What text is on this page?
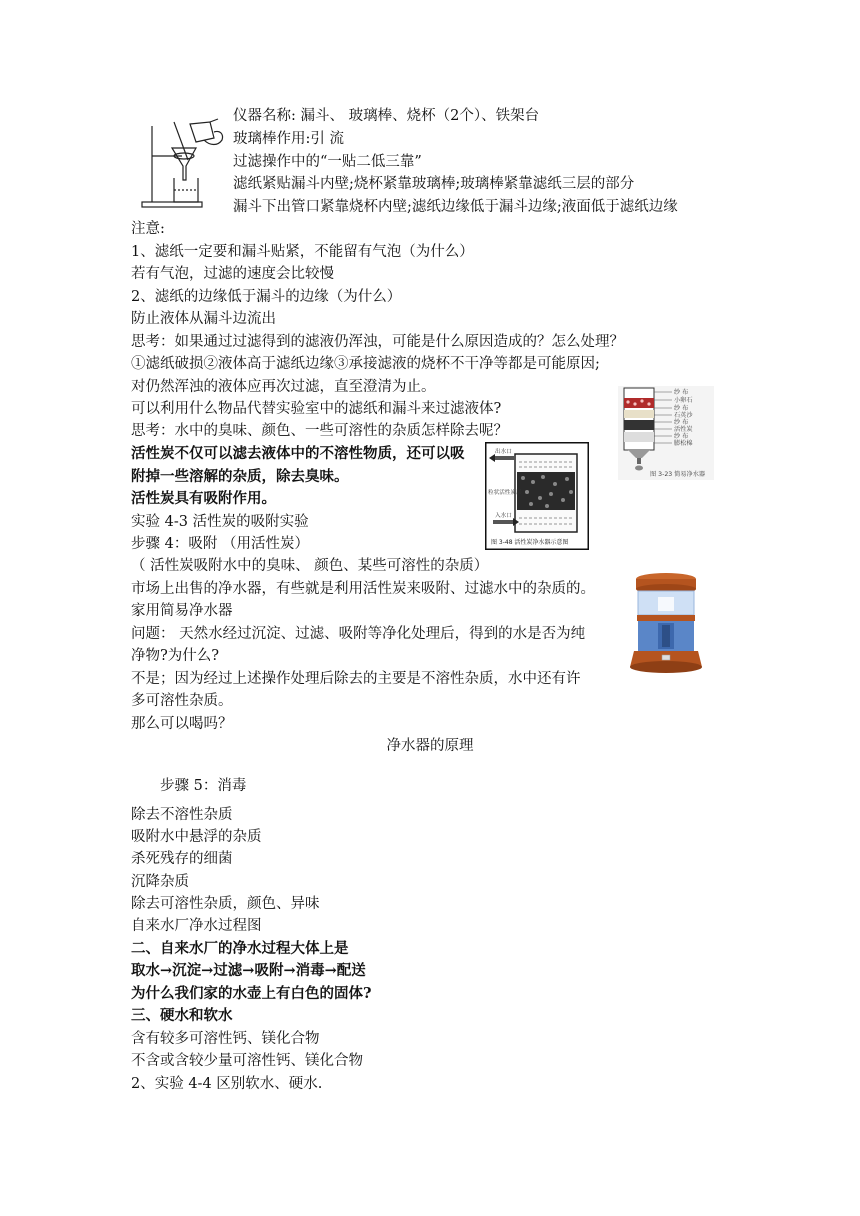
仪器名称: 漏斗、 玻璃棒、烧杯（2个）、铁架台
玻璃棒作用:引 流
过滤操作中的“一贴二低三靠”
滤纸紧贴漏斗内壁;烧杯紧靠玻璃棒;玻璃棒紧靠滤纸三层的部分
漏斗下出管口紧靠烧杯内壁;滤纸边缘低于漏斗边缘;液面低于滤纸边缘
注意:
1、滤纸一定要和漏斗贴紧，不能留有气泡（为什么）
若有气泡，过滤的速度会比较慢
2、滤纸的边缘低于漏斗的边缘（为什么）
防止液体从漏斗边流出
思考：如果通过过滤得到的滤液仍浑浊，可能是什么原因造成的？怎么处理？
①滤纸破损②液体高于滤纸边缘③承接滤液的烧杯不干净等都是可能原因;
对仍然浑浊的液体应再次过滤，直至澄清为止。
可以利用什么物品代替实验室中的滤纸和漏斗来过滤液体?
思考：水中的臭味、颜色、一些可溶性的杂质怎样除去呢？
活性炭不仅可以滤去液体中的不溶性物质，还可以吸
附掉一些溶解的杂质，除去臭味。
活性炭具有吸附作用。
实验 4-3 活性炭的吸附实验
步骤 4：吸附 （用活性炭）
（ 活性炭吸附水中的臭味、 颜色、某些可溶性的杂质）
市场上出售的净水器，有些就是利用活性炭来吸附、过滤水中的杂质的。
家用简易净水器
问题： 天然水经过沉淀、过滤、吸附等净化处理后，得到的水是否为纯
净物?为什么?
不是；因为经过上述操作处理后除去的主要是不溶性杂质，水中还有许
多可溶性杂质。
那么可以喝吗？
纱 布
小卵石
纱 布
石英沙
纱 布
活性炭
纱 布
膨松棉
图 3-23 简易净水器
出水口
粒状活性炭层
入水口
图 3-48 活性炭净水器示意图
净水器的原理
步骤 5：消毒
除去不溶性杂质
吸附水中悬浮的杂质
杀死残存的细菌
沉降杂质
除去可溶性杂质，颜色、异味
自来水厂净水过程图
二、自来水厂的净水过程大体上是
取水→沉淀→过滤→吸附→消毒→配送
为什么我们家的水壶上有白色的固体?
三、硬水和软水
含有较多可溶性钙、镁化合物
不含或含较少量可溶性钙、镁化合物
2、实验 4-4 区别软水、硬水.
